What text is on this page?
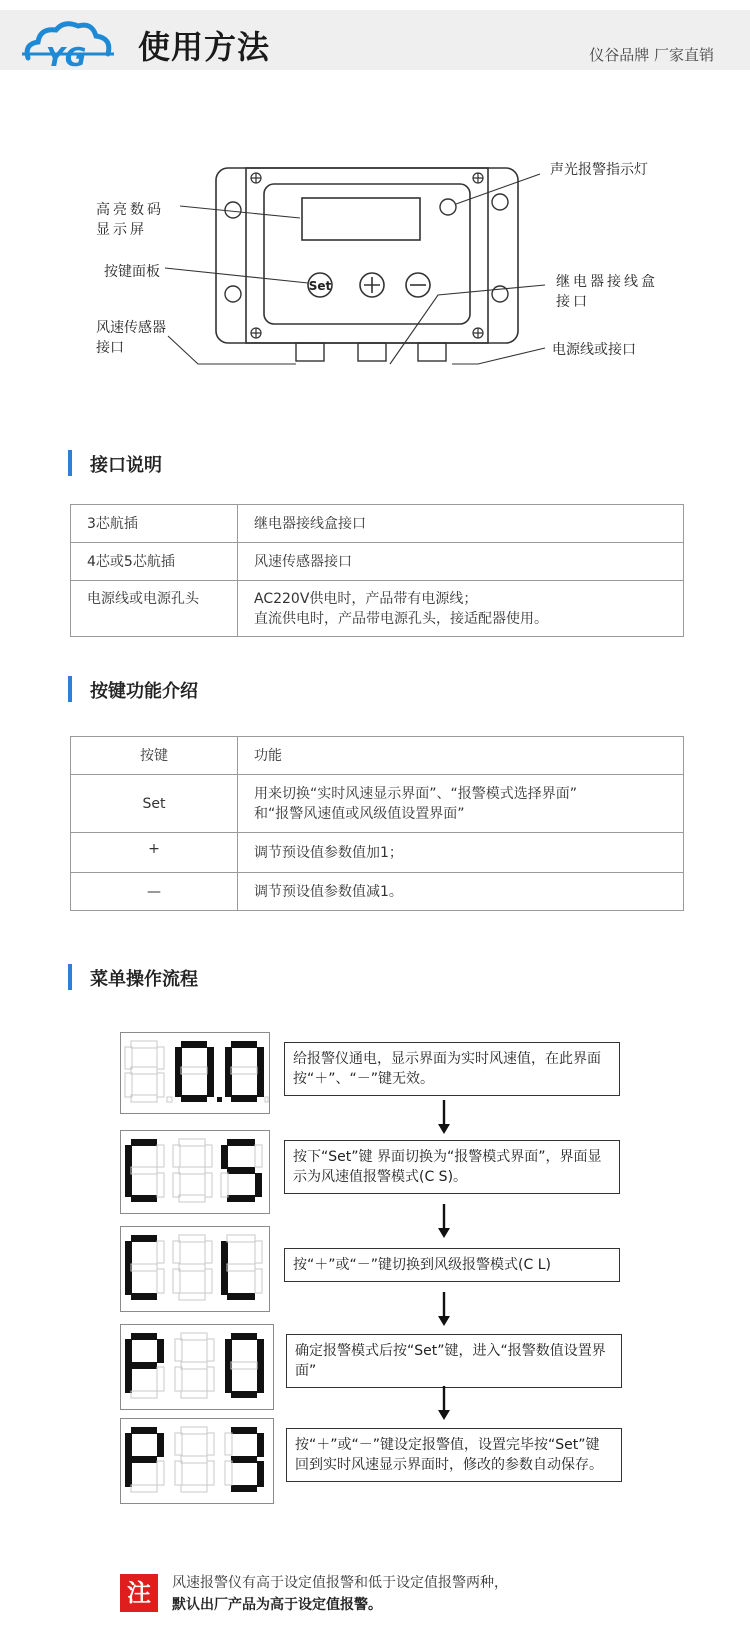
YG 使用方法	仪谷品牌 厂家直销
Set
高亮数码
显示屏
按键面板
风速传感器
接口
声光报警指示灯
继电器接线盒
接口
电源线或接口
接口说明
3芯航插	继电器接线盒接口
4芯或5芯航插	风速传感器接口
电源线或电源孔头	AC220V供电时，产品带有电源线；
直流供电时，产品带电源孔头，接适配器使用。
按键功能介绍
按键	功能
Set	用来切换“实时风速显示界面”、“报警模式选择界面”
和“报警风速值或风级值设置界面”
+	调节预设值参数值加1；
—	调节预设值参数值减1。
菜单操作流程
给报警仪通电，显示界面为实时风速值，在此界面按“＋”、“－”键无效。
按下“Set”键 界面切换为“报警模式界面”，界面显示为风速值报警模式(C S)。
按“＋”或“－”键切换到风级报警模式(C L)
确定报警模式后按“Set”键，进入“报警数值设置界面”
按“＋”或“－”键设定报警值，设置完毕按“Set”键回到实时风速显示界面时，修改的参数自动保存。
注	风速报警仪有高于设定值报警和低于设定值报警两种，
默认出厂产品为高于设定值报警。
